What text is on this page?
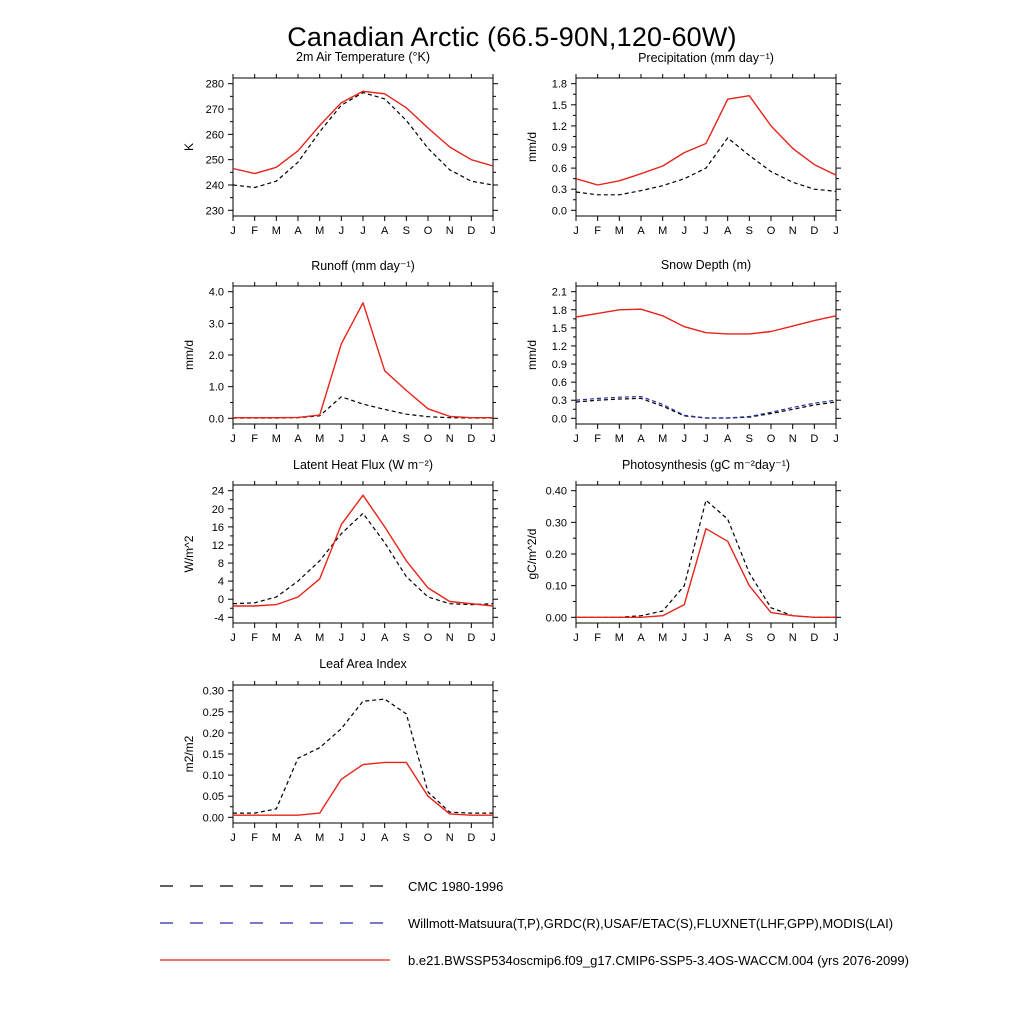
Canadian Arctic (66.5-90N,120-60W)
2m Air Temperature (°K)
K
230
240
250
260
270
280
J F M A M J J A S O N D J
Precipitation (mm day⁻¹)
mm/d
0.0
0.3
0.6
0.9
1.2
1.5
1.8
J F M A M J J A S O N D J
Runoff (mm day⁻¹)
mm/d
0.0
1.0
2.0
3.0
4.0
J F M A M J J A S O N D J
Snow Depth (m)
mm/d
0.0
0.3
0.6
0.9
1.2
1.5
1.8
2.1
J F M A M J J A S O N D J
Latent Heat Flux (W m⁻²)
W/m^2
-4
0
4
8
12
16
20
24
J F M A M J J A S O N D J
Photosynthesis (gC m⁻²day⁻¹)
gC/m^2/d
0.00
0.10
0.20
0.30
0.40
J F M A M J J A S O N D J
Leaf Area Index
m2/m2
0.00
0.05
0.10
0.15
0.20
0.25
0.30
J F M A M J J A S O N D J
CMC 1980-1996
Willmott-Matsuura(T,P),GRDC(R),USAF/ETAC(S),FLUXNET(LHF,GPP),MODIS(LAI)
b.e21.BWSSP534oscmip6.f09_g17.CMIP6-SSP5-3.4OS-WACCM.004 (yrs 2076-2099)
